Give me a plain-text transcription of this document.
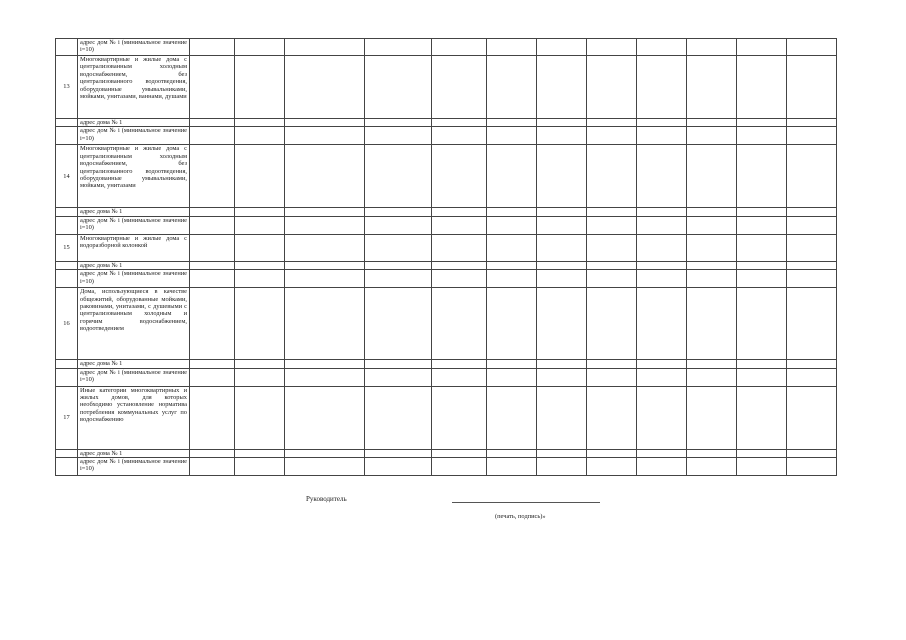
	адрес дом № i (минимальное значение i=10)												
13	Многоквартирные и жилые дома с централизованным холодным водоснабжением, без централизованного водоотведения, оборудованные умывальниками, мойками, унитазами, ваннами, душами												
	адрес дома № 1												
	адрес дом № i (минимальное значение i=10)												
14	Многоквартирные и жилые дома с централизованным холодным водоснабжением, без централизованного водоотведения, оборудованные умывальниками, мойками, унитазами												
	адрес дома № 1												
	адрес дом № i (минимальное значение i=10)												
15	Многоквартирные и жилые дома с водоразборной колонкой												
	адрес дома № 1												
	адрес дом № i (минимальное значение i=10)												
16	Дома, использующиеся в качестве общежитий, оборудованные мойками, раковинами, унитазами, с душевыми с централизованным холодным и горячим водоснабжением, водоотведением												
	адрес дома № 1												
	адрес дом № i (минимальное значение i=10)												
17	Иные категории многоквартирных и жилых домов, для которых необходимо установление норматива потребления коммунальных услуг по водоснабжению												
	адрес дома № 1												
	адрес дом № i (минимальное значение i=10)												
Руководитель
(печать, подпись)»
